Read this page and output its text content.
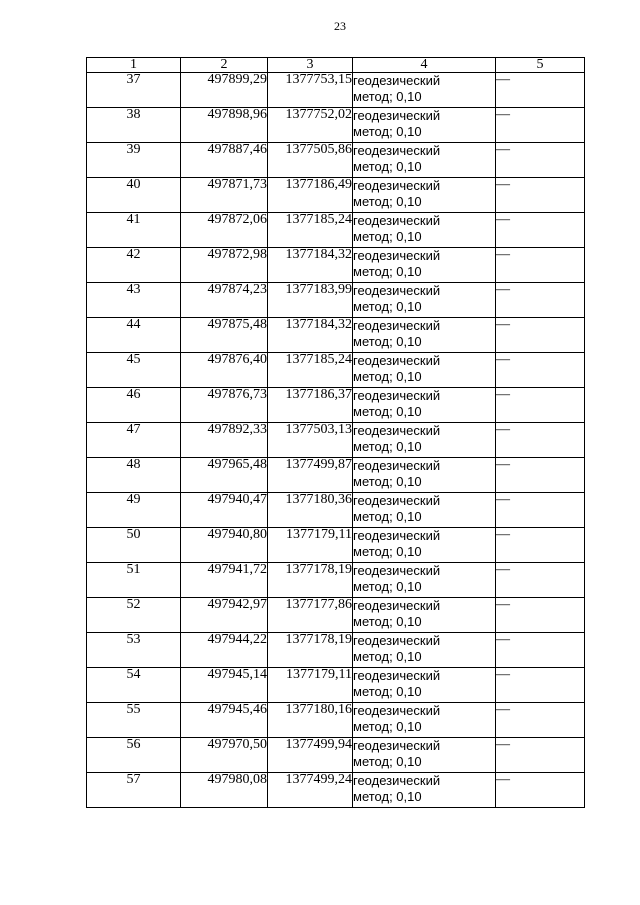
23
1	2	3	4	5
37	497899,29	1377753,15	геодезический
метод; 0,10	—
38	497898,96	1377752,02	геодезический
метод; 0,10	—
39	497887,46	1377505,86	геодезический
метод; 0,10	—
40	497871,73	1377186,49	геодезический
метод; 0,10	—
41	497872,06	1377185,24	геодезический
метод; 0,10	—
42	497872,98	1377184,32	геодезический
метод; 0,10	—
43	497874,23	1377183,99	геодезический
метод; 0,10	—
44	497875,48	1377184,32	геодезический
метод; 0,10	—
45	497876,40	1377185,24	геодезический
метод; 0,10	—
46	497876,73	1377186,37	геодезический
метод; 0,10	—
47	497892,33	1377503,13	геодезический
метод; 0,10	—
48	497965,48	1377499,87	геодезический
метод; 0,10	—
49	497940,47	1377180,36	геодезический
метод; 0,10	—
50	497940,80	1377179,11	геодезический
метод; 0,10	—
51	497941,72	1377178,19	геодезический
метод; 0,10	—
52	497942,97	1377177,86	геодезический
метод; 0,10	—
53	497944,22	1377178,19	геодезический
метод; 0,10	—
54	497945,14	1377179,11	геодезический
метод; 0,10	—
55	497945,46	1377180,16	геодезический
метод; 0,10	—
56	497970,50	1377499,94	геодезический
метод; 0,10	—
57	497980,08	1377499,24	геодезический
метод; 0,10	—
